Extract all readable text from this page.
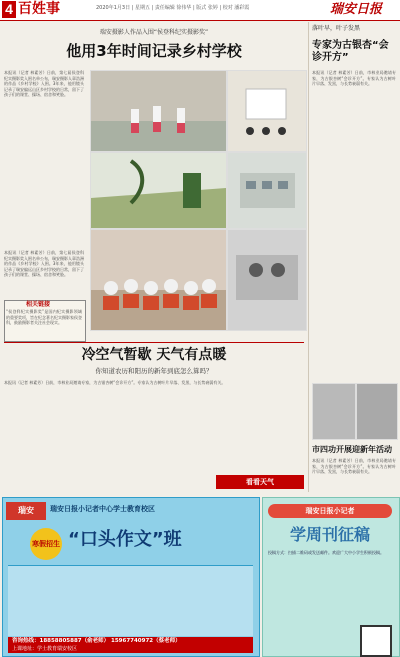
4 百姓事	2020年1月3日 | 星期五 | 责任编辑 徐伟华 | 版式 张婷 | 校对 潘彩霞	瑞安日报
瑞安摄影人作品入围“侯登科纪实摄影奖”
他用3年时间记录乡村学校
本报讯（记者 林素芳）日前，第七届侯登科纪实摄影奖入围名单公布，瑞安摄影人章浩洲的作品《乡村学校》入围。3年来，他用镜头记录了瑞安偏远山区乡村学校的日常，留下了孩子们的课堂、操场、宿舍和笑脸。
本报讯（记者 林素芳）日前，第七届侯登科纪实摄影奖入围名单公布，瑞安摄影人章浩洲的作品《乡村学校》入围。3年来，他用镜头记录了瑞安偏远山区乡村学校的日常，留下了孩子们的课堂、操场、宿舍和笑脸。
相关链接
“侯登科纪实摄影奖”是国内纪实摄影领域的重要奖项，旨在纪念著名纪实摄影家侯登科，鼓励摄影者关注社会现实。
冷空气暂歇 天气有点暖
你知道农历和阳历的新年到底怎么算吗？
本报讯（记者 林素芳）日前，市林业局邀请专家，为古银杏树“会诊开方”。专家认为古树叶片早落、发黑，与长势衰弱有关。
看看天气
落叶早，叶子发黑
专家为古银杏“会诊开方”
本报讯（记者 林素芳）日前，市林业局邀请专家，为古银杏树“会诊开方”。专家认为古树叶片早落、发黑，与长势衰弱有关。
市四功开展迎新年活动
本报讯（记者 林素芳）日前，市林业局邀请专家，为古银杏树“会诊开方”。专家认为古树叶片早落、发黑，与长势衰弱有关。
瑞安	瑞安日报小记者中心学士教育校区
寒假招生 “口头作文”班
咨询热线：18858805887（俞老师） 15967740972（蔡老师）
上课地址：学士教育瑞安校区
瑞安日报小记者
学周刊征稿
投稿方式：扫描二维码或发送邮件。欢迎广大中小学生积极投稿。
